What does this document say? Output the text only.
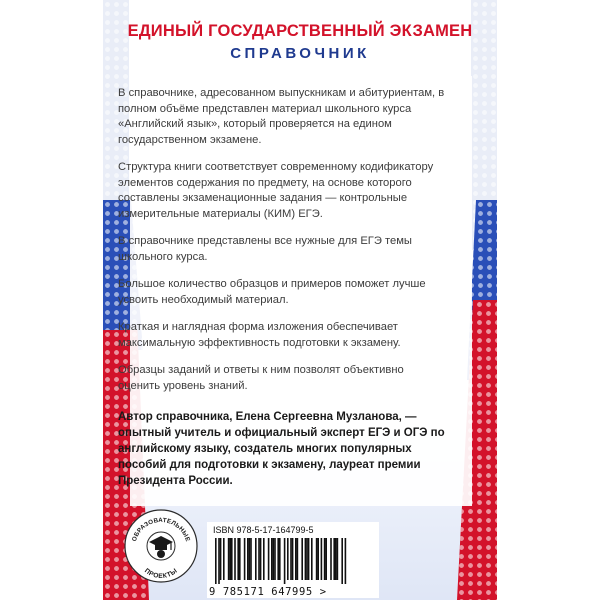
ЕДИНЫЙ ГОСУДАРСТВЕННЫЙ ЭКЗАМЕН
СПРАВОЧНИК

В справочнике, адресованном выпускникам и абитуриентам, в полном объёме представлен материал школьного курса «Английский язык», который проверяется на едином государственном экзамене.

Структура книги соответствует современному кодификатору элементов содержания по предмету, на основе которого составлены экзаменационные задания — контрольные измерительные материалы (КИМ) ЕГЭ.

В справочнике представлены все нужные для ЕГЭ темы школьного курса.

Большое количество образцов и примеров поможет лучше усвоить необходимый материал.

Краткая и наглядная форма изложения обеспечивает максимальную эффективность подготовки к экзамену.

Образцы заданий и ответы к ним позволят объективно оценить уровень знаний.

Автор справочника, Елена Сергеевна Музланова, — опытный учитель и официальный эксперт ЕГЭ и ОГЭ по английскому языку, создатель многих популярных пособий для подготовки к экзамену, лауреат премии Президента России.
ОБРАЗОВАТЕЛЬНЫЕ
ПРОЕКТЫ
ISBN 978-5-17-164799-5
9 785171 647995 >
